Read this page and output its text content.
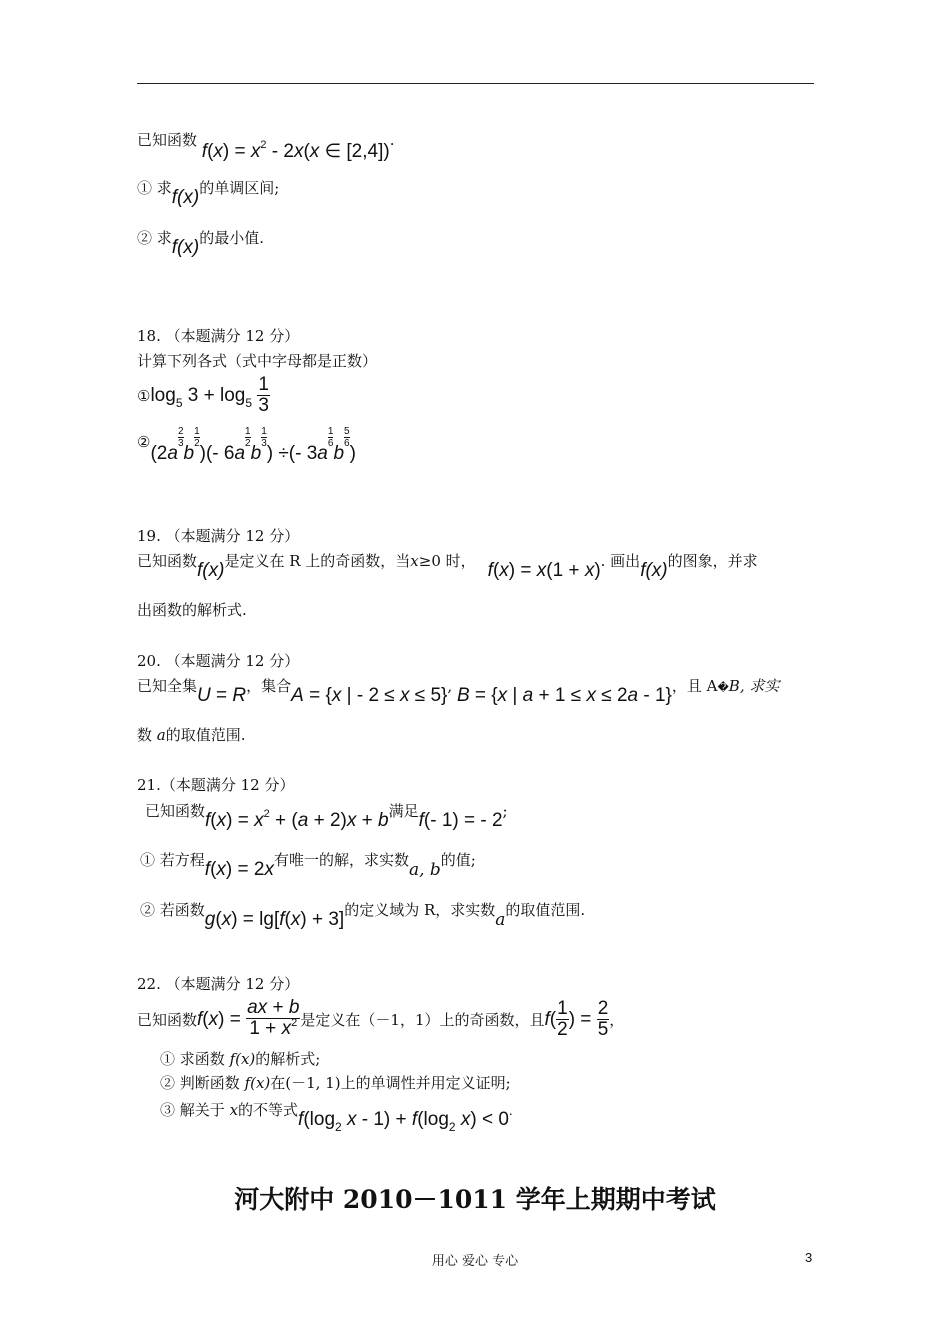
已知函数 $f(x) = x^2 - 2x(x$ ∈ [2,4]).
① 求f(x)的单调区间;
② 求f(x)的最小值.
18. （本题满分 12 分）
计算下列各式（式中字母都是正数）
$①\log_5$ $3 + \log_5 \frac{1}{3}$
②(2a
$\frac{2}{3}$
b
$\frac{1}{2}$
)(- 6a
$\frac{1}{2}$
b
$\frac{1}{3}$
) ÷(- 3a
$\frac{1}{6}$
b
$\frac{5}{6}$
)
19. （本题满分 12 分）
已知函数f(x)是定义在 R 上的奇函数，当x≥0 时， f(x) = x(1 + x). 画出f(x)的图象，并求
出函数的解析式.
20. （本题满分 12 分）
已知全集U = R，集合A = {x | - 2 ≤ x ≤ 5}, B = {x | a + 1 ≤ x ≤ 2a - 1}，且 A�B, 求实
数 a的取值范围.
21.（本题满分 12 分）
已知函数$f(x) = x^2 + (a + 2)x + b$满足f(- 1) = - 2;
① 若方程f(x) = 2x有唯一的解，求实数a, b的值;
② 若函数g(x) = lg[f(x) + 3]的定义域为 R，求实数a的取值范围.
22. （本题满分 12 分）
已知函数$f(x) = \frac{ax + b}{1 + x^2}$ 是定义在（－1，1）上的奇函数，且$f( \frac{1}{2}$ ) = $\frac{2}{5}$ ，
① 求函数 f(x)的解析式;
② 判断函数 f(x)在(－1, 1)上的单调性并用定义证明;
③ 解关于 x的不等式$f(\log_2$ $x - 1) + f(\log_2$ x) < 0.
河大附中 2010－1011 学年上期期中考试
用心 爱心 专心	3
